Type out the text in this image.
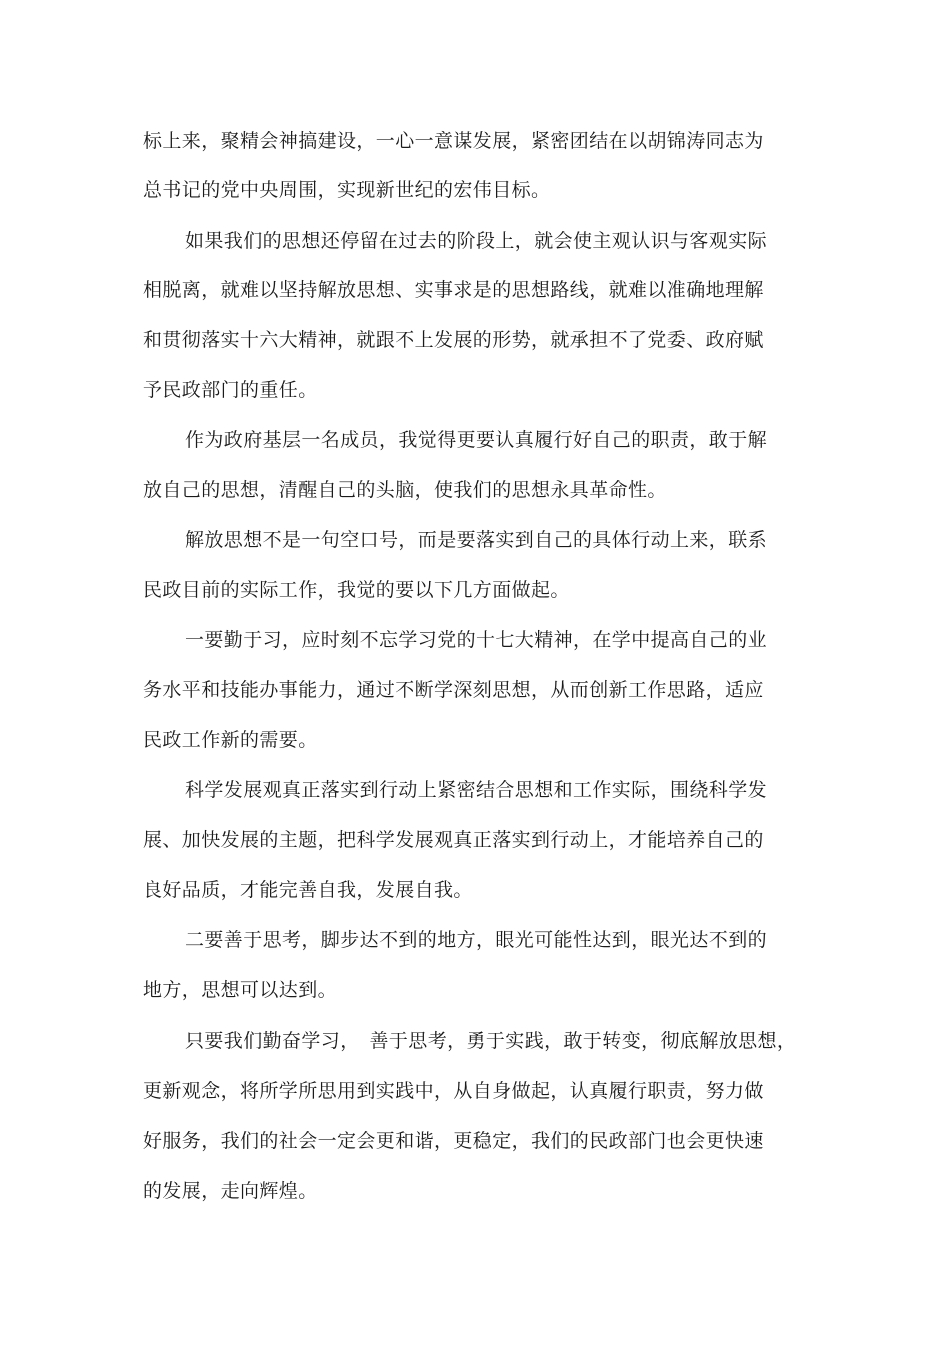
标上来，聚精会神搞建设，一心一意谋发展，紧密团结在以胡锦涛同志为
总书记的党中央周围，实现新世纪的宏伟目标。
如果我们的思想还停留在过去的阶段上，就会使主观认识与客观实际
相脱离，就难以坚持解放思想、实事求是的思想路线，就难以准确地理解
和贯彻落实十六大精神，就跟不上发展的形势，就承担不了党委、政府赋
予民政部门的重任。
作为政府基层一名成员，我觉得更要认真履行好自己的职责，敢于解
放自己的思想，清醒自己的头脑，使我们的思想永具革命性。
解放思想不是一句空口号，而是要落实到自己的具体行动上来，联系
民政目前的实际工作，我觉的要以下几方面做起。
一要勤于习，应时刻不忘学习党的十七大精神，在学中提高自己的业
务水平和技能办事能力，通过不断学深刻思想，从而创新工作思路，适应
民政工作新的需要。
科学发展观真正落实到行动上紧密结合思想和工作实际，围绕科学发
展、加快发展的主题，把科学发展观真正落实到行动上，才能培养自己的
良好品质，才能完善自我，发展自我。
二要善于思考，脚步达不到的地方，眼光可能性达到，眼光达不到的
地方，思想可以达到。
只要我们勤奋学习，　善于思考，勇于实践，敢于转变，彻底解放思想，
更新观念，将所学所思用到实践中，从自身做起，认真履行职责，努力做
好服务，我们的社会一定会更和谐，更稳定，我们的民政部门也会更快速
的发展，走向辉煌。
